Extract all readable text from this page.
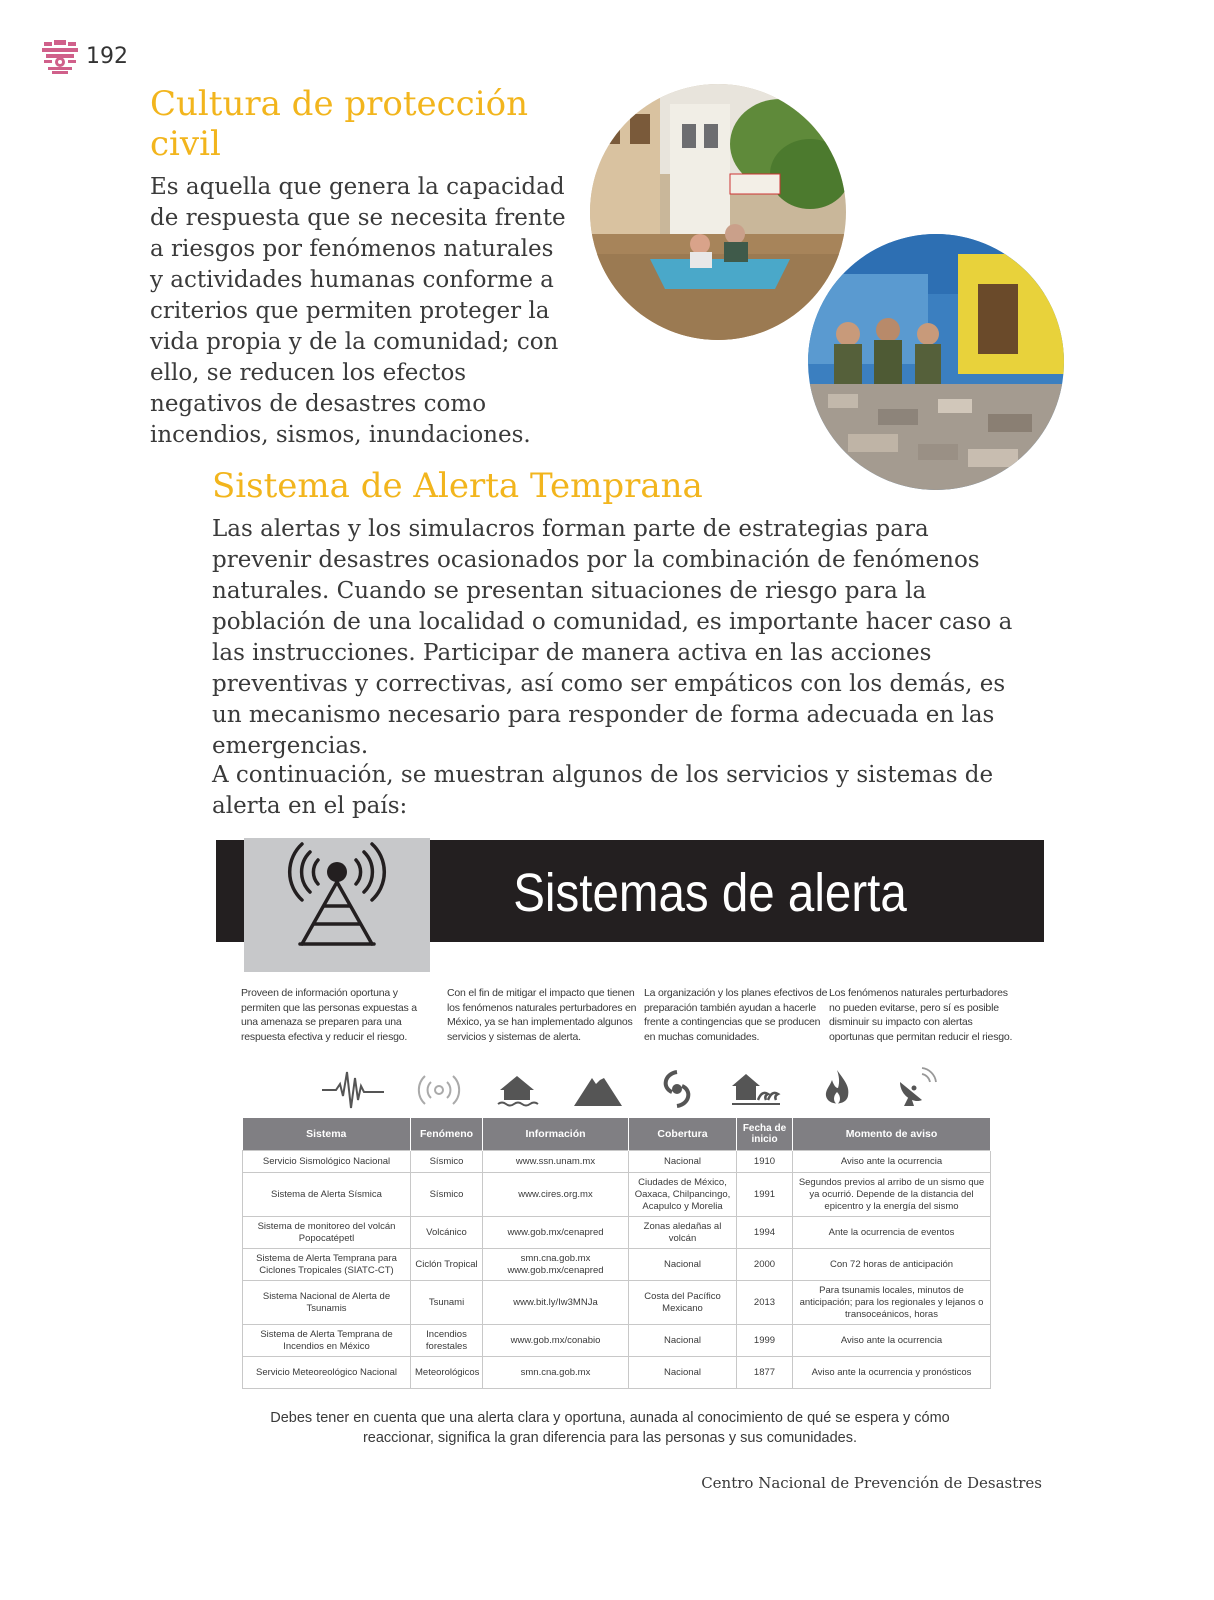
192
Cultura de protección civil
Es aquella que genera la capacidad de respuesta que se necesita frente a riesgos por fenómenos naturales y actividades humanas conforme a criterios que permiten proteger la vida propia y de la comunidad; con ello, se reducen los efectos negativos de desastres como incendios, sismos, inundaciones.
Sistema de Alerta Temprana
Las alertas y los simulacros forman parte de estrategias para prevenir desastres ocasionados por la combinación de fenómenos naturales. Cuando se presentan situaciones de riesgo para la población de una localidad o comunidad, es importante hacer caso a las instrucciones. Participar de manera activa en las acciones preventivas y correctivas, así como ser empáticos con los demás, es un mecanismo necesario para responder de forma adecuada en las emergencias.
A continuación, se muestran algunos de los servicios y sistemas de alerta en el país:
Sistemas de alerta
Proveen de información oportuna y permiten que las personas expuestas a una amenaza se preparen para una respuesta efectiva y reducir el riesgo.
Con el fin de mitigar el impacto que tienen los fenómenos naturales perturbadores en México, ya se han implementado algunos servicios y sistemas de alerta.
La organización y los planes efectivos de preparación también ayudan a hacerle frente a contingencias que se producen en muchas comunidades.
Los fenómenos naturales perturbadores no pueden evitarse, pero sí es posible disminuir su impacto con alertas oportunas que permitan reducir el riesgo.
Sistema	Fenómeno	Información	Cobertura	Fecha de inicio	Momento de aviso
Servicio Sismológico Nacional	Sísmico	www.ssn.unam.mx	Nacional	1910	Aviso ante la ocurrencia
Sistema de Alerta Sísmica	Sísmico	www.cires.org.mx	Ciudades de México, Oaxaca, Chilpancingo, Acapulco y Morelia	1991	Segundos previos al arribo de un sismo que ya ocurrió. Depende de la distancia del epicentro y la energía del sismo
Sistema de monitoreo del volcán Popocatépetl	Volcánico	www.gob.mx/cenapred	Zonas aledañas al volcán	1994	Ante la ocurrencia de eventos
Sistema de Alerta Temprana para Ciclones Tropicales (SIATC-CT)	Ciclón Tropical	smn.cna.gob.mx www.gob.mx/cenapred	Nacional	2000	Con 72 horas de anticipación
Sistema Nacional de Alerta de Tsunamis	Tsunami	www.bit.ly/Iw3MNJa	Costa del Pacífico Mexicano	2013	Para tsunamis locales, minutos de anticipación; para los regionales y lejanos o transoceánicos, horas
Sistema de Alerta Temprana de Incendios en México	Incendios forestales	www.gob.mx/conabio	Nacional	1999	Aviso ante la ocurrencia
Servicio Meteoreológico Nacional	Meteorológicos	smn.cna.gob.mx	Nacional	1877	Aviso ante la ocurrencia y pronósticos
Debes tener en cuenta que una alerta clara y oportuna, aunada al conocimiento de qué se espera y cómo reaccionar, significa la gran diferencia para las personas y sus comunidades.
Centro Nacional de Prevención de Desastres
